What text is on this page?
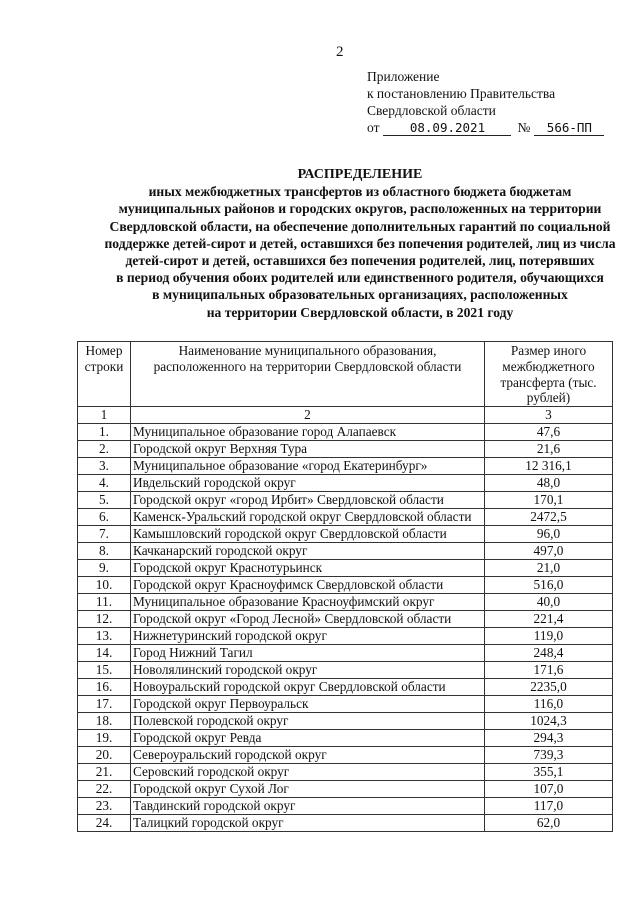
2
Приложение
к постановлению Правительства
Свердловской области
от 08.09.2021 № 566-ПП
РАСПРЕДЕЛЕНИЕ
иных межбюджетных трансфертов из областного бюджета бюджетам
муниципальных районов и городских округов, расположенных на территории
Свердловской области, на обеспечение дополнительных гарантий по социальной
поддержке детей-сирот и детей, оставшихся без попечения родителей, лиц из числа
детей-сирот и детей, оставшихся без попечения родителей, лиц, потерявших
в период обучения обоих родителей или единственного родителя, обучающихся
в муниципальных образовательных организациях, расположенных
на территории Свердловской области, в 2021 году
Номер строки	Наименование муниципального образования, расположенного на территории Свердловской области	Размер иного межбюджетного трансферта (тыс. рублей)
1	2	3
1.	Муниципальное образование город Алапаевск	47,6
2.	Городской округ Верхняя Тура	21,6
3.	Муниципальное образование «город Екатеринбург»	12 316,1
4.	Ивдельский городской округ	48,0
5.	Городской округ «город Ирбит» Свердловской области	170,1
6.	Каменск-Уральский городской округ Свердловской области	2472,5
7.	Камышловский городской округ Свердловской области	96,0
8.	Качканарский городской округ	497,0
9.	Городской округ Краснотурьинск	21,0
10.	Городской округ Красноуфимск Свердловской области	516,0
11.	Муниципальное образование Красноуфимский округ	40,0
12.	Городской округ «Город Лесной» Свердловской области	221,4
13.	Нижнетуринский городской округ	119,0
14.	Город Нижний Тагил	248,4
15.	Новолялинский городской округ	171,6
16.	Новоуральский городской округ Свердловской области	2235,0
17.	Городской округ Первоуральск	116,0
18.	Полевской городской округ	1024,3
19.	Городской округ Ревда	294,3
20.	Североуральский городской округ	739,3
21.	Серовский городской округ	355,1
22.	Городской округ Сухой Лог	107,0
23.	Тавдинский городской округ	117,0
24.	Талицкий городской округ	62,0
